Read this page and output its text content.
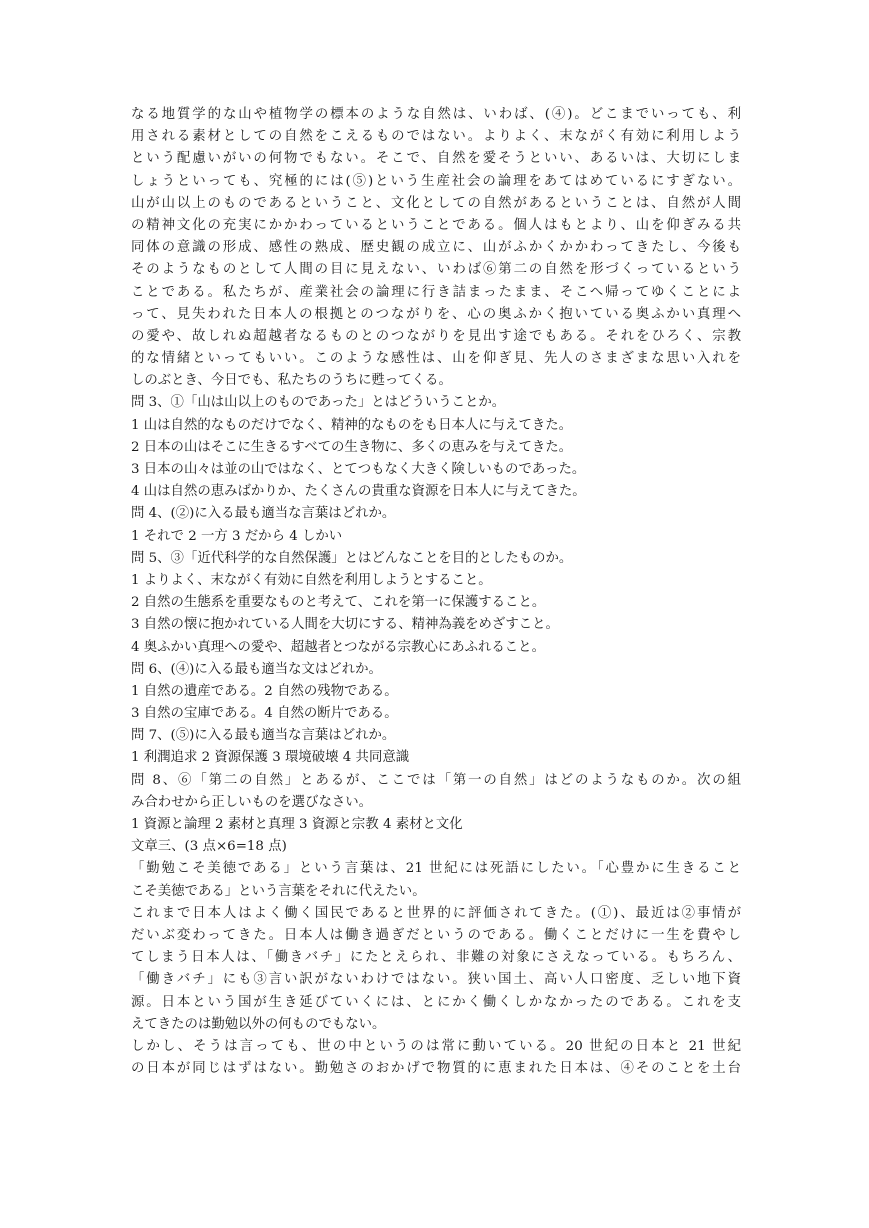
なる地質学的な山や植物学の標本のような自然は、いわば、(④)。どこまでいっても、利
用される素材としての自然をこえるものではない。よりよく、末ながく有効に利用しよう
という配慮いがいの何物でもない。そこで、自然を愛そうといい、あるいは、大切にしま
しょうといっても、究極的には(⑤)という生産社会の論理をあてはめているにすぎない。
山が山以上のものであるということ、文化としての自然があるということは、自然が人間
の精神文化の充実にかかわっているということである。個人はもとより、山を仰ぎみる共
同体の意識の形成、感性の熟成、歴史観の成立に、山がふかくかかわってきたし、今後も
そのようなものとして人間の目に見えない、いわば⑥第二の自然を形づくっているという
ことである。私たちが、産業社会の論理に行き詰まったまま、そこへ帰ってゆくことによ
って、見失われた日本人の根拠とのつながりを、心の奥ふかく抱いている奥ふかい真理へ
の愛や、故しれぬ超越者なるものとのつながりを見出す途でもある。それをひろく、宗教
的な情緒といってもいい。このような感性は、山を仰ぎ見、先人のさまざまな思い入れを
しのぶとき、今日でも、私たちのうちに甦ってくる。
問 3、①「山は山以上のものであった」とはどういうことか。
1 山は自然的なものだけでなく、精神的なものをも日本人に与えてきた。
2 日本の山はそこに生きるすべての生き物に、多くの恵みを与えてきた。
3 日本の山々は並の山ではなく、とてつもなく大きく険しいものであった。
4 山は自然の恵みばかりか、たくさんの貴重な資源を日本人に与えてきた。
問 4、(②)に入る最も適当な言葉はどれか。
1 それで 2 一方 3 だから 4 しかい
問 5、③「近代科学的な自然保護」とはどんなことを目的としたものか。
1 よりよく、末ながく有効に自然を利用しようとすること。
2 自然の生態系を重要なものと考えて、これを第一に保護すること。
3 自然の懐に抱かれている人間を大切にする、精神為義をめざすこと。
4 奥ふかい真理への愛や、超越者とつながる宗教心にあふれること。
問 6、(④)に入る最も適当な文はどれか。
1 自然の遺産である。2 自然の残物である。
3 自然の宝庫である。4 自然の断片である。
問 7、(⑤)に入る最も適当な言葉はどれか。
1 利潤追求 2 資源保護 3 環境破壊 4 共同意識
問 8、⑥「第二の自然」とあるが、ここでは「第一の自然」はどのようなものか。次の組
み合わせから正しいものを選びなさい。
1 資源と論理 2 素材と真理 3 資源と宗教 4 素材と文化
文章三、(3 点×6=18 点)
「勤勉こそ美徳である」という言葉は、21 世紀には死語にしたい。「心豊かに生きること
こそ美徳である」という言葉をそれに代えたい。
これまで日本人はよく働く国民であると世界的に評価されてきた。(①)、最近は②事情が
だいぶ変わってきた。日本人は働き過ぎだというのである。働くことだけに一生を費やし
てしまう日本人は、「働きバチ」にたとえられ、非難の対象にさえなっている。もちろん、
「働きバチ」にも③言い訳がないわけではない。狭い国土、高い人口密度、乏しい地下資
源。日本という国が生き延びていくには、とにかく働くしかなかったのである。これを支
えてきたのは勤勉以外の何ものでもない。
しかし、そうは言っても、世の中というのは常に動いている。20 世紀の日本と 21 世紀
の日本が同じはずはない。勤勉さのおかげで物質的に恵まれた日本は、④そのことを土台
